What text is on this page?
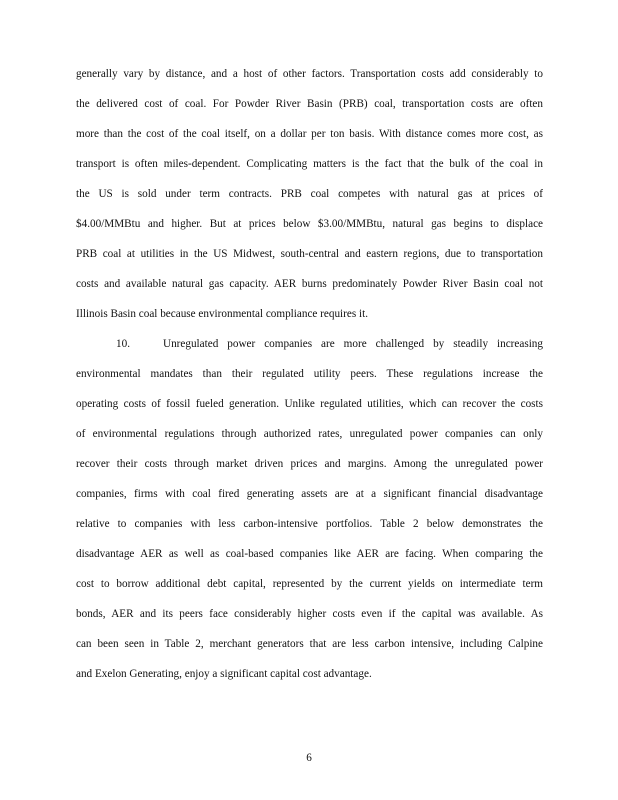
generally vary by distance, and a host of other factors. Transportation costs add considerably to
the delivered cost of coal. For Powder River Basin (PRB) coal, transportation costs are often
more than the cost of the coal itself, on a dollar per ton basis. With distance comes more cost, as
transport is often miles-dependent. Complicating matters is the fact that the bulk of the coal in
the US is sold under term contracts. PRB coal competes with natural gas at prices of
$4.00/MMBtu and higher. But at prices below $3.00/MMBtu, natural gas begins to displace
PRB coal at utilities in the US Midwest, south-central and eastern regions, due to transportation
costs and available natural gas capacity. AER burns predominately Powder River Basin coal not
Illinois Basin coal because environmental compliance requires it.
Unregulated power companies are more challenged by steadily increasing
10.
environmental mandates than their regulated utility peers. These regulations increase the
operating costs of fossil fueled generation. Unlike regulated utilities, which can recover the costs
of environmental regulations through authorized rates, unregulated power companies can only
recover their costs through market driven prices and margins. Among the unregulated power
companies, firms with coal fired generating assets are at a significant financial disadvantage
relative to companies with less carbon-intensive portfolios. Table 2 below demonstrates the
disadvantage AER as well as coal-based companies like AER are facing. When comparing the
cost to borrow additional debt capital, represented by the current yields on intermediate term
bonds, AER and its peers face considerably higher costs even if the capital was available. As
can been seen in Table 2, merchant generators that are less carbon intensive, including Calpine
and Exelon Generating, enjoy a significant capital cost advantage.
6
